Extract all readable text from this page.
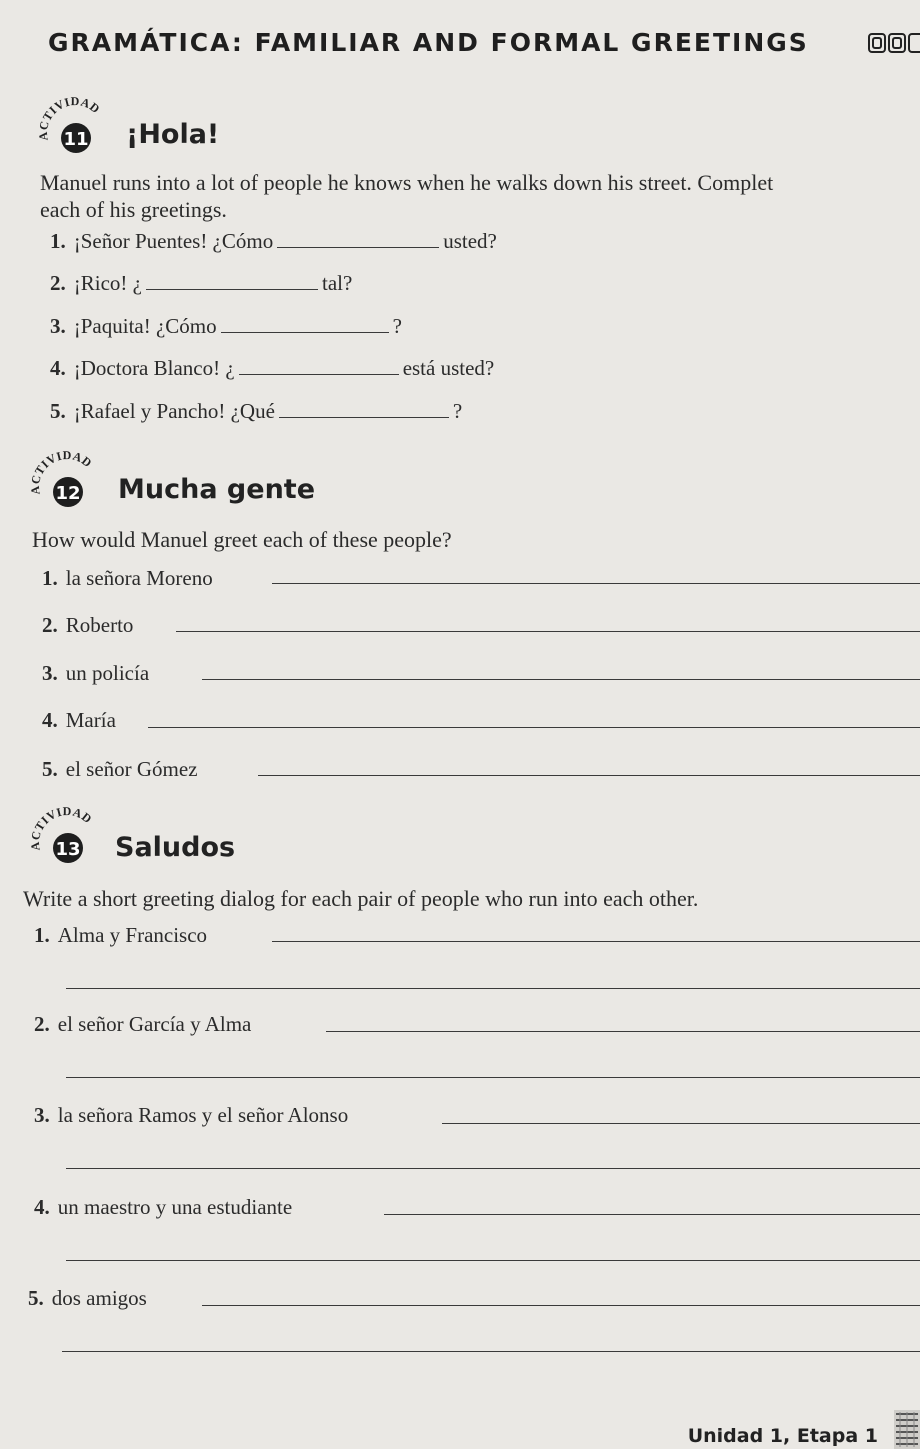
GRAMÁTICA: FAMILIAR AND FORMAL GREETINGS
ACTIVIDAD
11 ¡Hola!
Manuel runs into a lot of people he knows when he walks down his street. Complet
each of his greetings.
1. ¡Señor Puentes! ¿Cómo	usted?
2. ¡Rico! ¿	tal?
3. ¡Paquita! ¿Cómo	?
4. ¡Doctora Blanco! ¿	está usted?
5. ¡Rafael y Pancho! ¿Qué	?
ACTIVIDAD
12 Mucha gente
How would Manuel greet each of these people?
1. la señora Moreno
2. Roberto
3. un policía
4. María
5. el señor Gómez
ACTIVIDAD
13 Saludos
Write a short greeting dialog for each pair of people who run into each other.
1. Alma y Francisco
2. el señor García y Alma
3. la señora Ramos y el señor Alonso
4. un maestro y una estudiante
5. dos amigos
Unidad 1, Etapa 1
